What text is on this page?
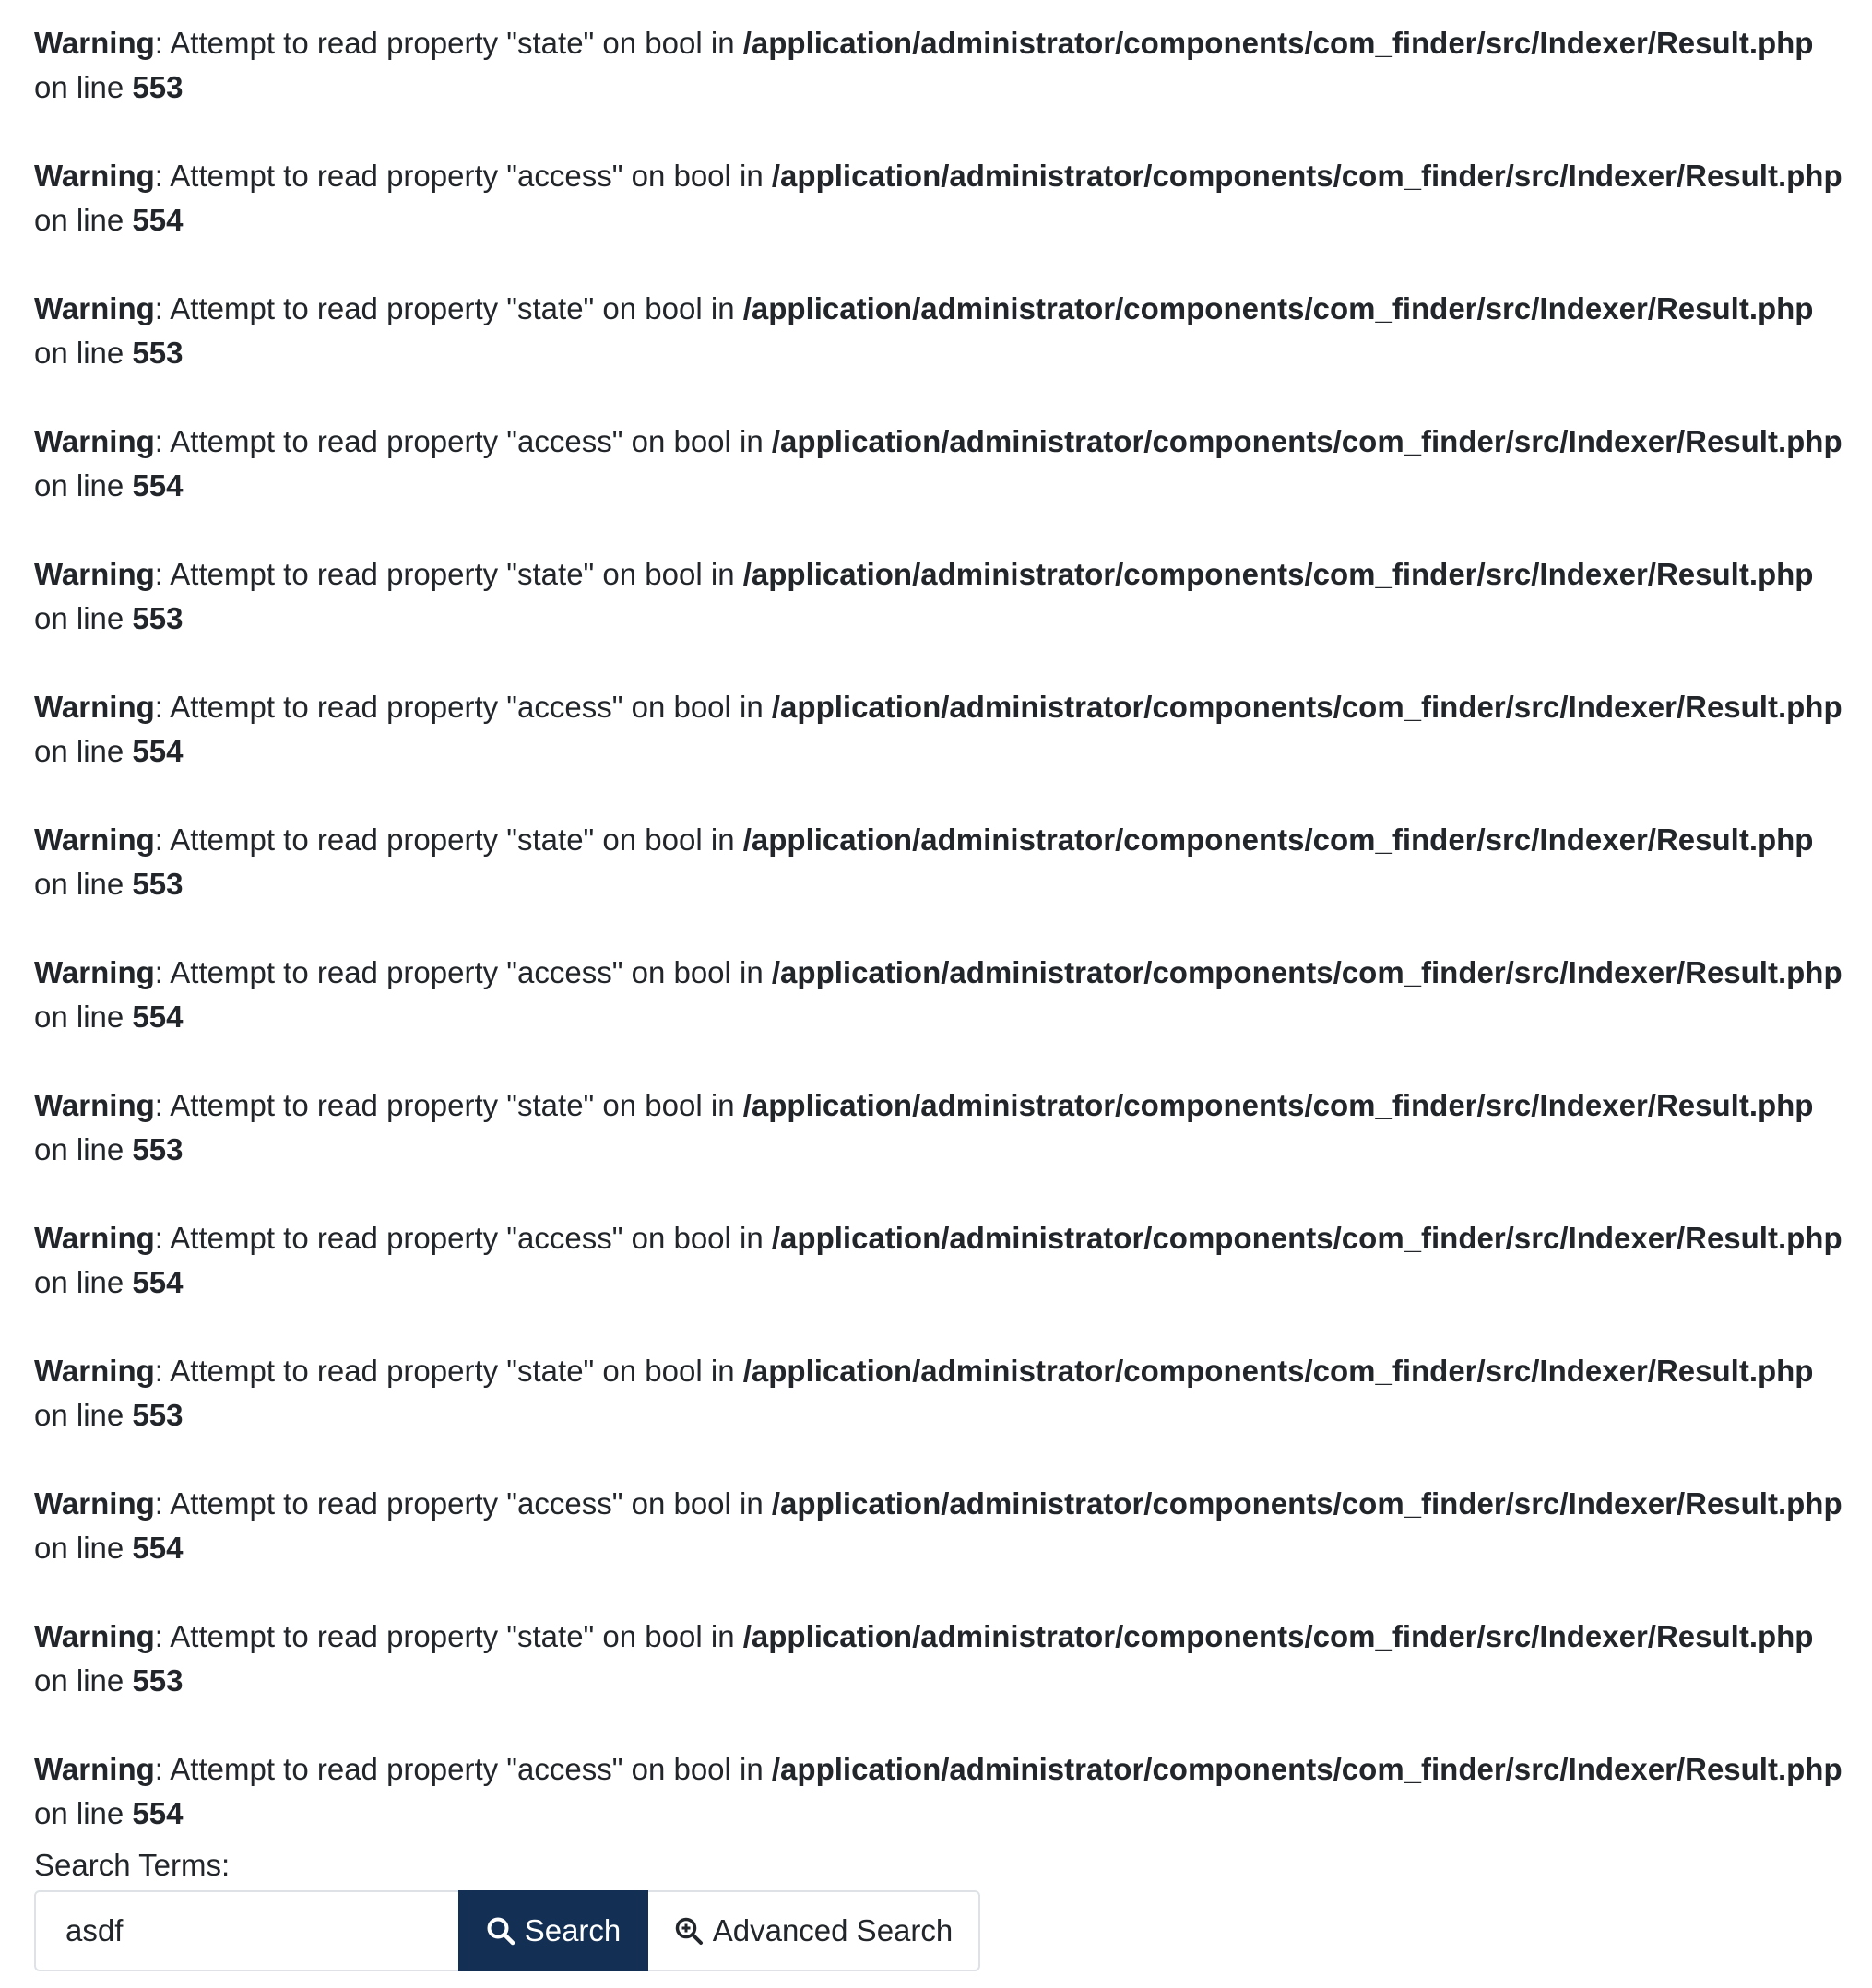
Warning: Attempt to read property "state" on bool in /application/administrator/components/com_finder/src/Indexer/Result.php
on line 553
Warning: Attempt to read property "access" on bool in /application/administrator/components/com_finder/src/Indexer/Result.php
on line 554
Warning: Attempt to read property "state" on bool in /application/administrator/components/com_finder/src/Indexer/Result.php
on line 553
Warning: Attempt to read property "access" on bool in /application/administrator/components/com_finder/src/Indexer/Result.php
on line 554
Warning: Attempt to read property "state" on bool in /application/administrator/components/com_finder/src/Indexer/Result.php
on line 553
Warning: Attempt to read property "access" on bool in /application/administrator/components/com_finder/src/Indexer/Result.php
on line 554
Warning: Attempt to read property "state" on bool in /application/administrator/components/com_finder/src/Indexer/Result.php
on line 553
Warning: Attempt to read property "access" on bool in /application/administrator/components/com_finder/src/Indexer/Result.php
on line 554
Warning: Attempt to read property "state" on bool in /application/administrator/components/com_finder/src/Indexer/Result.php
on line 553
Warning: Attempt to read property "access" on bool in /application/administrator/components/com_finder/src/Indexer/Result.php
on line 554
Warning: Attempt to read property "state" on bool in /application/administrator/components/com_finder/src/Indexer/Result.php
on line 553
Warning: Attempt to read property "access" on bool in /application/administrator/components/com_finder/src/Indexer/Result.php
on line 554
Warning: Attempt to read property "state" on bool in /application/administrator/components/com_finder/src/Indexer/Result.php
on line 553
Warning: Attempt to read property "access" on bool in /application/administrator/components/com_finder/src/Indexer/Result.php
on line 554
Search Terms:
asdf
Search	Advanced Search
